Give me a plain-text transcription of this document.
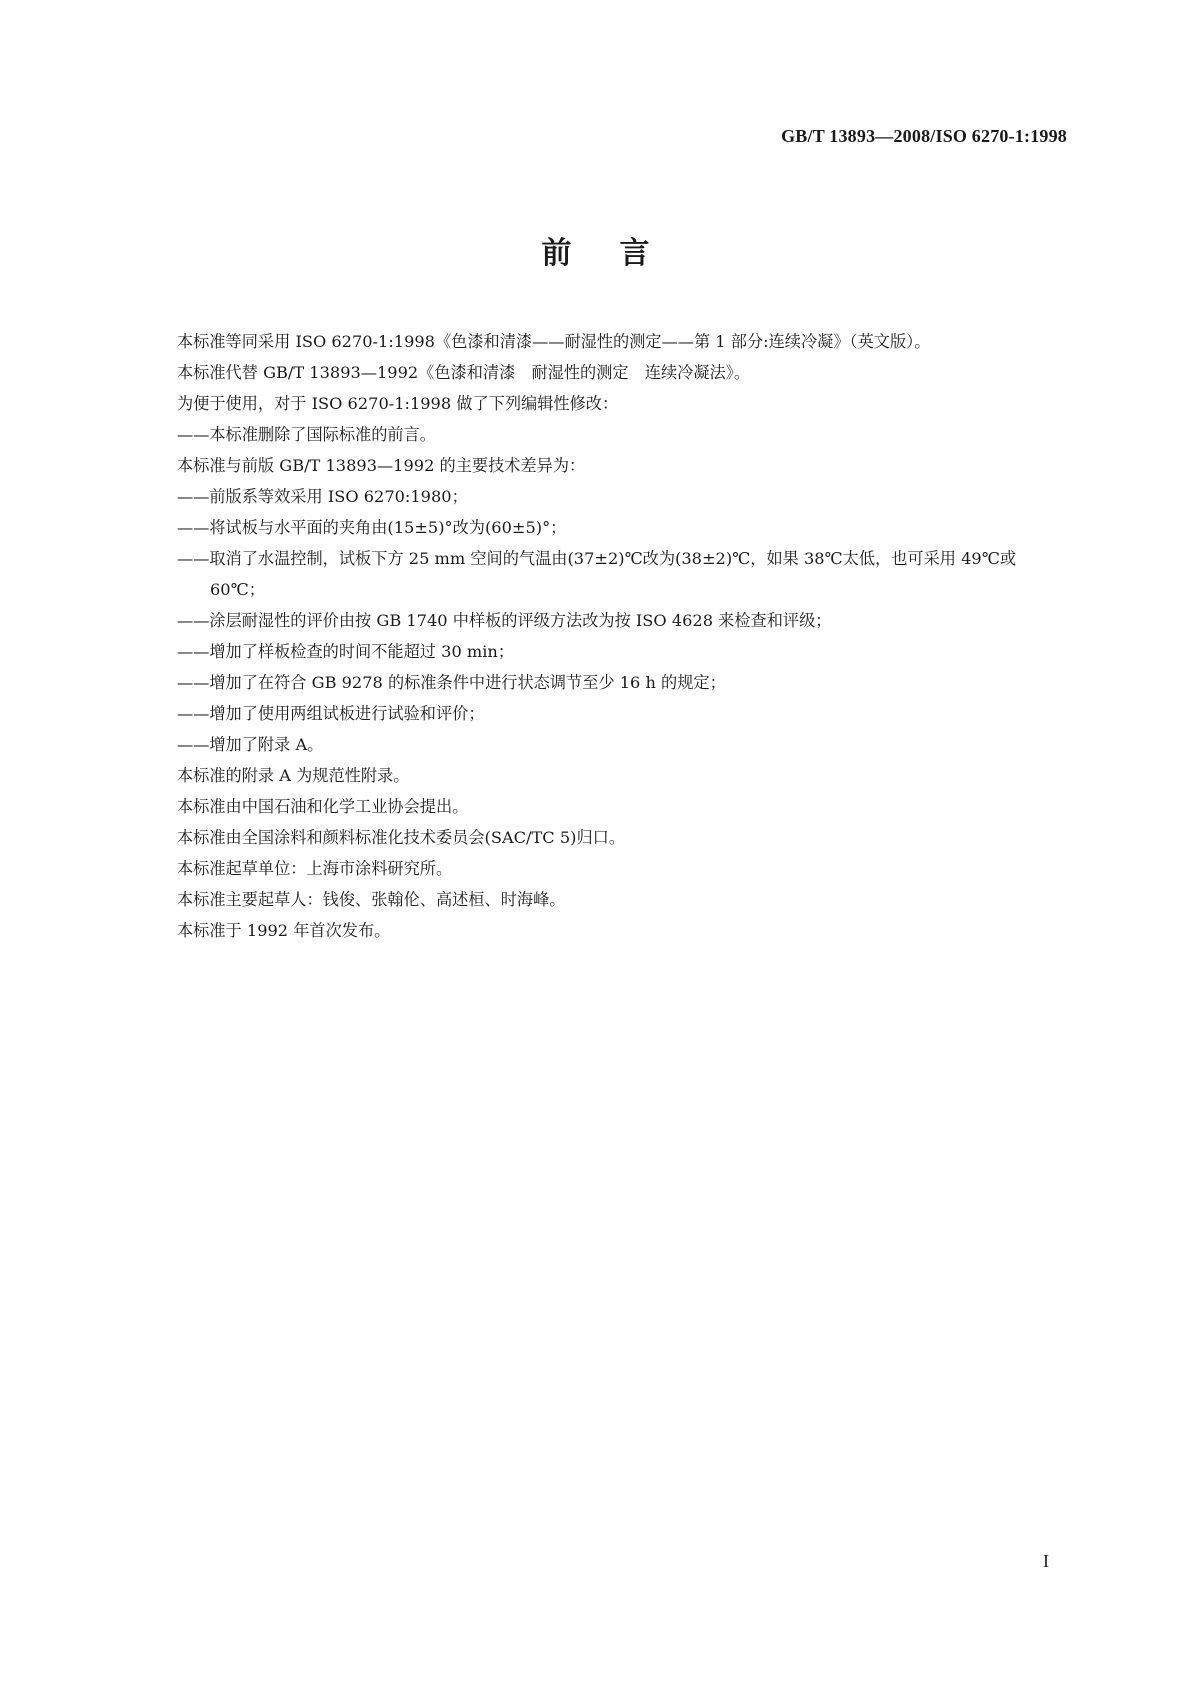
GB/T 13893—2008/ISO 6270-1:1998
前言

本标准等同采用 ISO 6270-1:1998《色漆和清漆——耐湿性的测定——第 1 部分:连续冷凝》（英文版）。

本标准代替 GB/T 13893—1992《色漆和清漆　耐湿性的测定　连续冷凝法》。

为便于使用，对于 ISO 6270-1:1998 做了下列编辑性修改：

——本标准删除了国际标准的前言。

本标准与前版 GB/T 13893—1992 的主要技术差异为：

——前版系等效采用 ISO 6270:1980；

——将试板与水平面的夹角由(15±5)°改为(60±5)°；

——取消了水温控制，试板下方 25 mm 空间的气温由(37±2)℃改为(38±2)℃，如果 38℃太低，也可采用 49℃或 60℃；

——涂层耐湿性的评价由按 GB 1740 中样板的评级方法改为按 ISO 4628 来检查和评级；

——增加了样板检查的时间不能超过 30 min；

——增加了在符合 GB 9278 的标准条件中进行状态调节至少 16 h 的规定；

——增加了使用两组试板进行试验和评价；

——增加了附录 A。

本标准的附录 A 为规范性附录。

本标准由中国石油和化学工业协会提出。

本标准由全国涂料和颜料标准化技术委员会(SAC/TC 5)归口。

本标准起草单位：上海市涂料研究所。

本标准主要起草人：钱俊、张翰伦、高述桓、时海峰。

本标准于 1992 年首次发布。

I
